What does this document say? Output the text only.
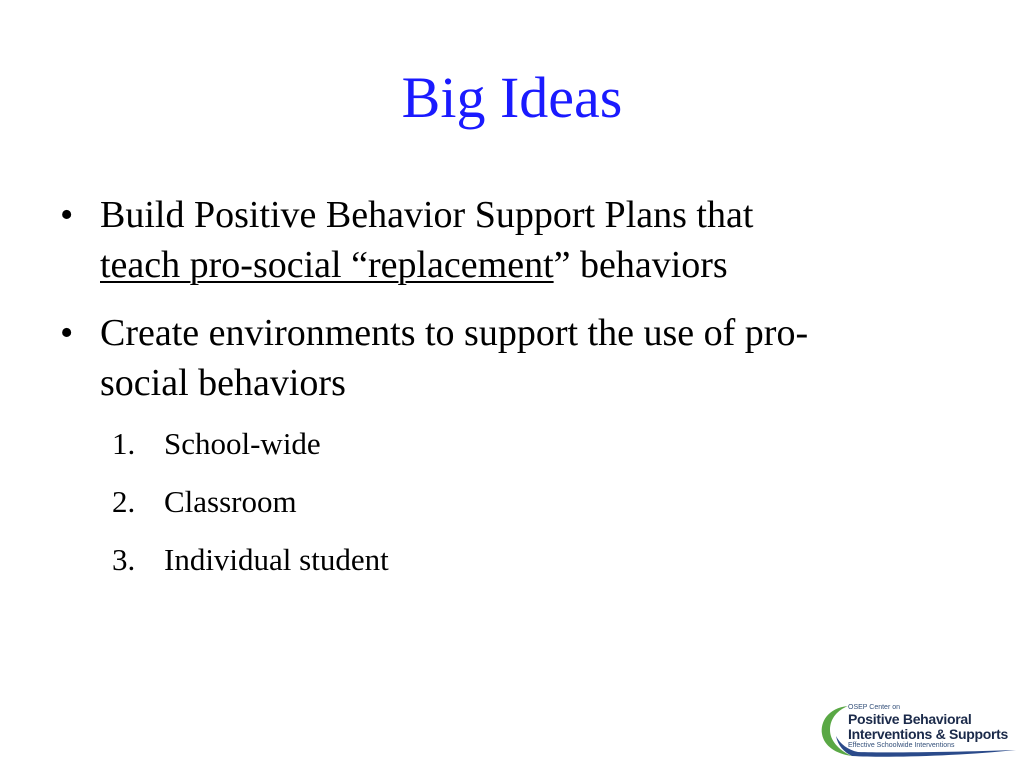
Big Ideas
• Build Positive Behavior Support Plans that
teach pro-social “replacement” behaviors
• Create environments to support the use of pro-
social behaviors
1. School-wide
2. Classroom
3. Individual student
OSEP Center on
Positive Behavioral
Interventions & Supports
Effective Schoolwide Interventions
